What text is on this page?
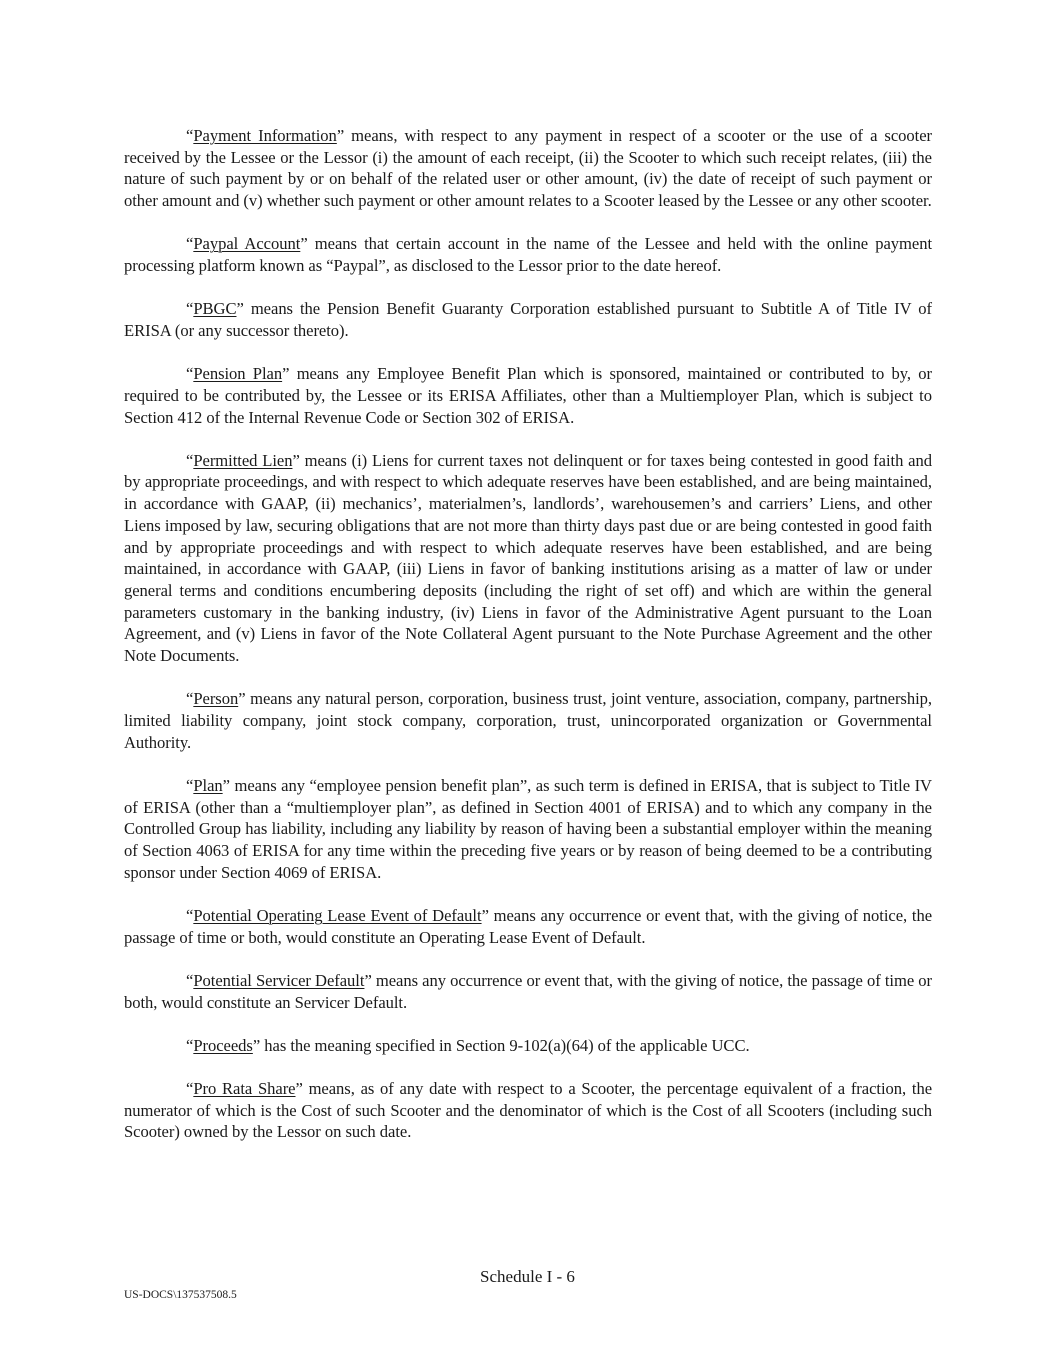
“Payment Information” means, with respect to any payment in respect of a scooter or the use of a scooter received by the Lessee or the Lessor (i) the amount of each receipt, (ii) the Scooter to which such receipt relates, (iii) the nature of such payment by or on behalf of the related user or other amount, (iv) the date of receipt of such payment or other amount and (v) whether such payment or other amount relates to a Scooter leased by the Lessee or any other scooter.

“Paypal Account” means that certain account in the name of the Lessee and held with the online payment processing platform known as “Paypal”, as disclosed to the Lessor prior to the date hereof.

“PBGC” means the Pension Benefit Guaranty Corporation established pursuant to Subtitle A of Title IV of ERISA (or any successor thereto).

“Pension Plan” means any Employee Benefit Plan which is sponsored, maintained or contributed to by, or required to be contributed by, the Lessee or its ERISA Affiliates, other than a Multiemployer Plan, which is subject to Section 412 of the Internal Revenue Code or Section 302 of ERISA.

“Permitted Lien” means (i) Liens for current taxes not delinquent or for taxes being contested in good faith and by appropriate proceedings, and with respect to which adequate reserves have been established, and are being maintained, in accordance with GAAP, (ii) mechanics’, materialmen’s, landlords’, warehousemen’s and carriers’ Liens, and other Liens imposed by law, securing obligations that are not more than thirty days past due or are being contested in good faith and by appropriate proceedings and with respect to which adequate reserves have been established, and are being maintained, in accordance with GAAP, (iii) Liens in favor of banking institutions arising as a matter of law or under general terms and conditions encumbering deposits (including the right of set off) and which are within the general parameters customary in the banking industry, (iv) Liens in favor of the Administrative Agent pursuant to the Loan Agreement, and (v) Liens in favor of the Note Collateral Agent pursuant to the Note Purchase Agreement and the other Note Documents.

“Person” means any natural person, corporation, business trust, joint venture, association, company, partnership, limited liability company, joint stock company, corporation, trust, unincorporated organization or Governmental Authority.

“Plan” means any “employee pension benefit plan”, as such term is defined in ERISA, that is subject to Title IV of ERISA (other than a “multiemployer plan”, as defined in Section 4001 of ERISA) and to which any company in the Controlled Group has liability, including any liability by reason of having been a substantial employer within the meaning of Section 4063 of ERISA for any time within the preceding five years or by reason of being deemed to be a contributing sponsor under Section 4069 of ERISA.

“Potential Operating Lease Event of Default” means any occurrence or event that, with the giving of notice, the passage of time or both, would constitute an Operating Lease Event of Default.

“Potential Servicer Default” means any occurrence or event that, with the giving of notice, the passage of time or both, would constitute an Servicer Default.

“Proceeds” has the meaning specified in Section 9-102(a)(64) of the applicable UCC.

“Pro Rata Share” means, as of any date with respect to a Scooter, the percentage equivalent of a fraction, the numerator of which is the Cost of such Scooter and the denominator of which is the Cost of all Scooters (including such Scooter) owned by the Lessor on such date.

Schedule I - 6
US-DOCS\137537508.5
